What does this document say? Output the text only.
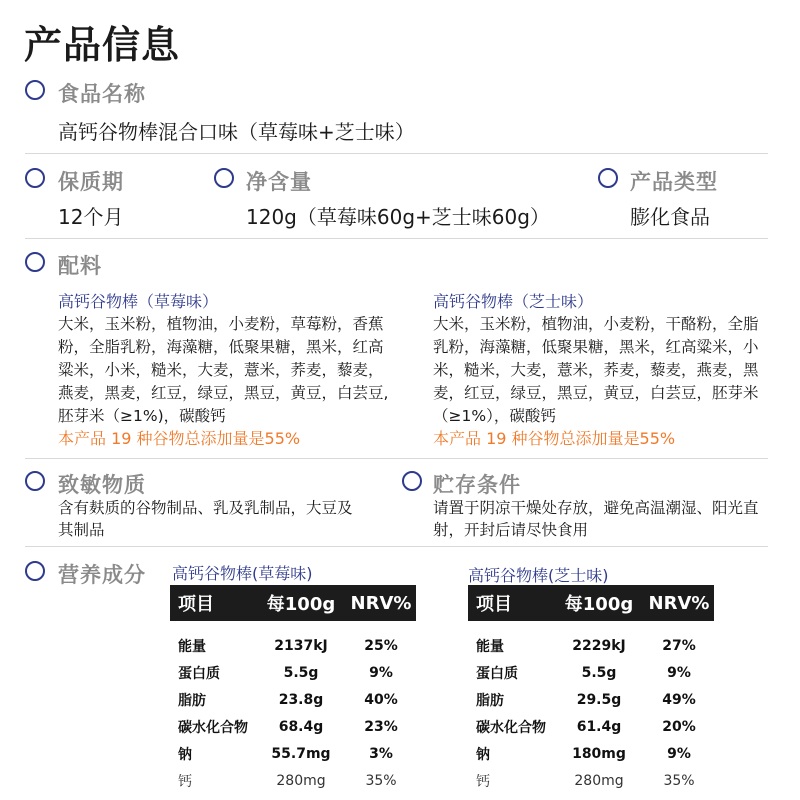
产品信息
食品名称
高钙谷物棒混合口味（草莓味+芝士味）
保质期
12个月
净含量
120g（草莓味60g+芝士味60g）
产品类型
膨化食品
配料
高钙谷物棒（草莓味）
大米，玉米粉，植物油，小麦粉，草莓粉，香蕉粉，全脂乳粉，海藻糖，低聚果糖，黑米，红高粱米，小米，糙米，大麦，薏米，荞麦，藜麦，燕麦，黑麦，红豆，绿豆，黑豆，黄豆，白芸豆,胚芽米（≥1%)，碳酸钙
本产品 19 种谷物总添加量是55%
高钙谷物棒（芝士味）
大米，玉米粉，植物油，小麦粉，干酪粉，全脂乳粉，海藻糖，低聚果糖，黑米，红高粱米，小米，糙米，大麦，薏米，荞麦，藜麦，燕麦，黑麦，红豆，绿豆，黑豆，黄豆，白芸豆，胚芽米（≥1%），碳酸钙
本产品 19 种谷物总添加量是55%
致敏物质
含有麸质的谷物制品、乳及乳制品，大豆及其制品
贮存条件
请置于阴凉干燥处存放，避免高温潮湿、阳光直射，开封后请尽快食用
营养成分 高钙谷物棒(草莓味)
项目	每100g NRV%
能量	2137kJ	25%
蛋白质	5.5g	9%
脂肪	23.8g	40%
碳水化合物	68.4g	23%
钠	55.7mg	3%
钙	280mg	35%
高钙谷物棒(芝士味)
项目	每100g NRV%
能量	2229kJ	27%
蛋白质	5.5g	9%
脂肪	29.5g	49%
碳水化合物	61.4g	20%
钠	180mg	9%
钙	280mg	35%
